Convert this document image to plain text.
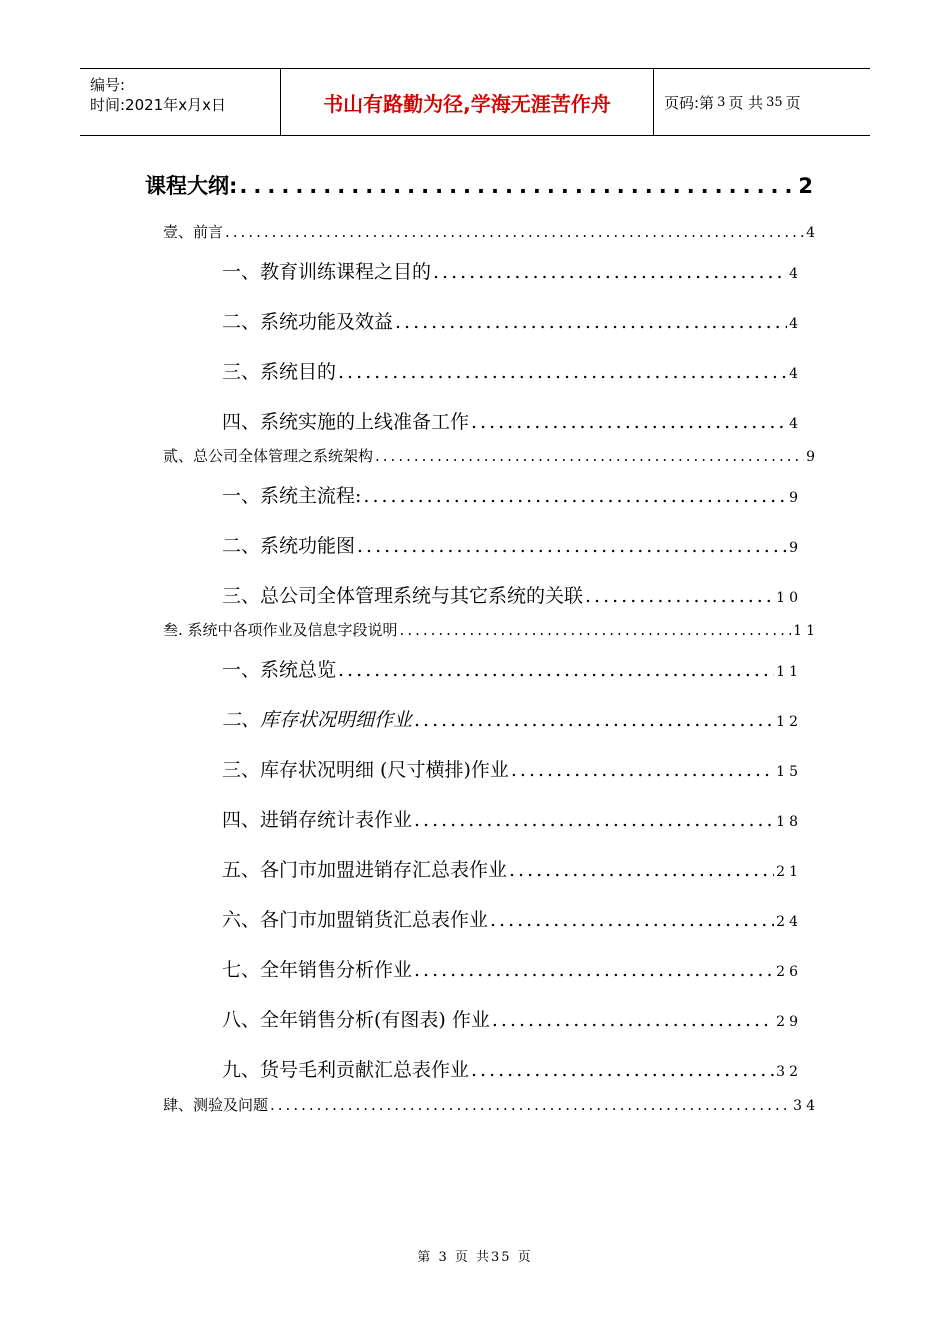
编号:
时间:2021年x月x日	书山有路勤为径,学海无涯苦作舟	页码:第 3 页 共 35 页
课程大纲: .....	2
壹、前言 .....	4
一、教育训练课程之目的 .....	4
二、系统功能及效益 .....	4
三、系统目的 .....	4
四、系统实施的上线准备工作 .....	4
贰、总公司全体管理之系统架构 .....	9
一、系统主流程: .....	9
二、系统功能图 .....	9
三、总公司全体管理系统与其它系统的关联 .....	10
叁. 系统中各项作业及信息字段说明 .....	11
一、系统总览 .....	11
二、库存状况明细作业 .....	12
三、库存状况明细 (尺寸横排)作业 .....	15
四、进销存统计表作业 .....	18
五、各门市加盟进销存汇总表作业 .....	21
六、各门市加盟销货汇总表作业 .....	24
七、全年销售分析作业 .....	26
八、全年销售分析(有图表) 作业 .....	29
九、货号毛利贡献汇总表作业 .....	32
肆、测验及问题 .....	34
第 3 页 共35 页
